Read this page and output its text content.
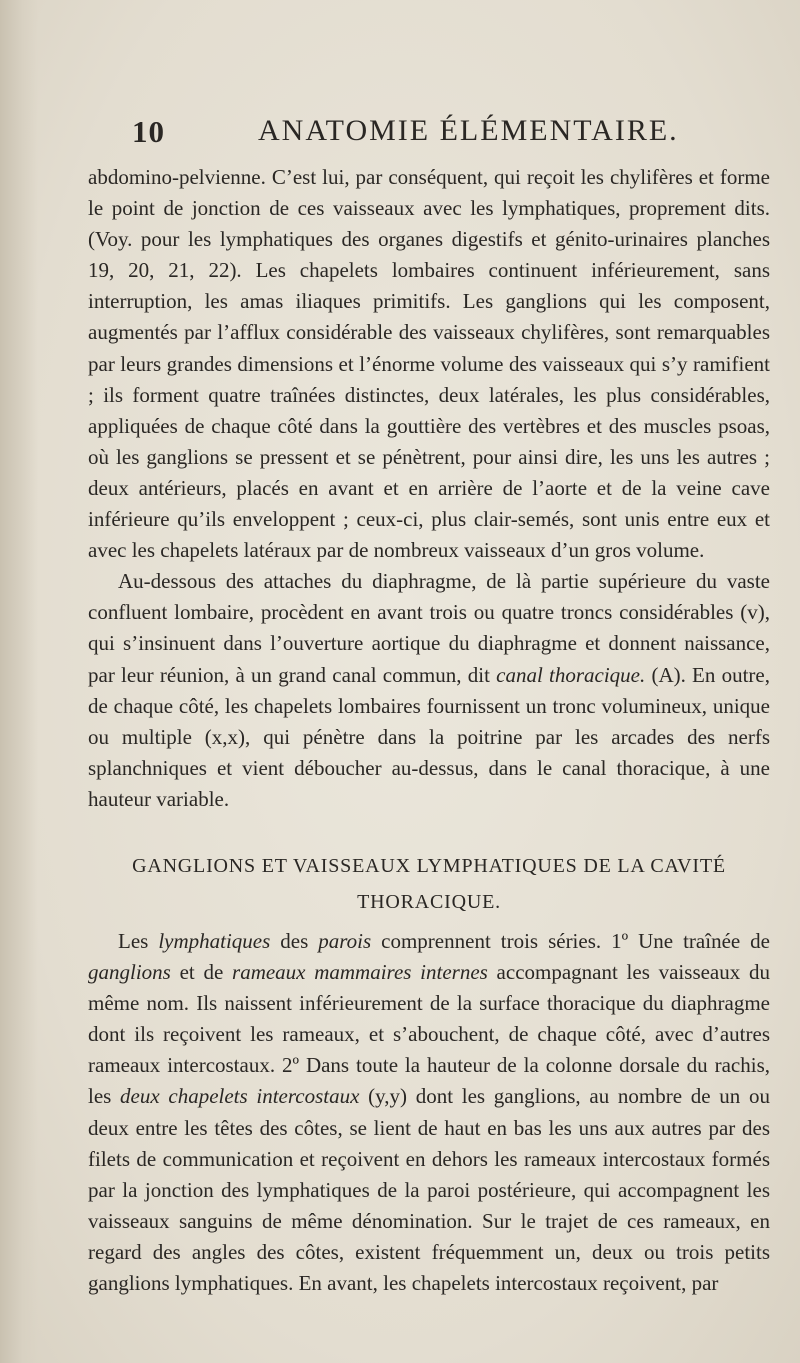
10	ANATOMIE ÉLÉMENTAIRE.

abdomino-pelvienne. C’est lui, par conséquent, qui reçoit les chylifères et forme le point de jonction de ces vaisseaux avec les lymphatiques, proprement dits. (Voy. pour les lymphatiques des organes digestifs et génito-urinaires planches 19, 20, 21, 22). Les chapelets lombaires continuent inférieurement, sans interruption, les amas iliaques primitifs. Les ganglions qui les composent, augmentés par l’afflux considérable des vaisseaux chylifères, sont remarquables par leurs grandes dimensions et l’énorme volume des vaisseaux qui s’y ramifient ; ils forment quatre traînées distinctes, deux latérales, les plus considérables, appliquées de chaque côté dans la gouttière des vertèbres et des muscles psoas, où les ganglions se pressent et se pénètrent, pour ainsi dire, les uns les autres ; deux antérieurs, placés en avant et en arrière de l’aorte et de la veine cave inférieure qu’ils enveloppent ; ceux-ci, plus clair-semés, sont unis entre eux et avec les chapelets latéraux par de nombreux vaisseaux d’un gros volume.

Au-dessous des attaches du diaphragme, de là partie supérieure du vaste confluent lombaire, procèdent en avant trois ou quatre troncs considérables (v), qui s’insinuent dans l’ouverture aortique du diaphragme et donnent naissance, par leur réunion, à un grand canal commun, dit canal thoracique. (A). En outre, de chaque côté, les chapelets lombaires fournissent un tronc volumineux, unique ou multiple (x,x), qui pénètre dans la poitrine par les arcades des nerfs splanchniques et vient déboucher au-dessus, dans le canal thoracique, à une hauteur variable.

GANGLIONS ET VAISSEAUX LYMPHATIQUES DE LA CAVITÉ
THORACIQUE.

Les lymphatiques des parois comprennent trois séries. 1º Une traînée de ganglions et de rameaux mammaires internes accompagnant les vaisseaux du même nom. Ils naissent inférieurement de la surface thoracique du diaphragme dont ils reçoivent les rameaux, et s’abouchent, de chaque côté, avec d’autres rameaux intercostaux. 2º Dans toute la hauteur de la colonne dorsale du rachis, les deux chapelets intercostaux (y,y) dont les ganglions, au nombre de un ou deux entre les têtes des côtes, se lient de haut en bas les uns aux autres par des filets de communication et reçoivent en dehors les rameaux intercostaux formés par la jonction des lymphatiques de la paroi postérieure, qui accompagnent les vaisseaux sanguins de même dénomination. Sur le trajet de ces rameaux, en regard des angles des côtes, existent fréquemment un, deux ou trois petits ganglions lymphatiques. En avant, les chapelets intercostaux reçoivent, par
